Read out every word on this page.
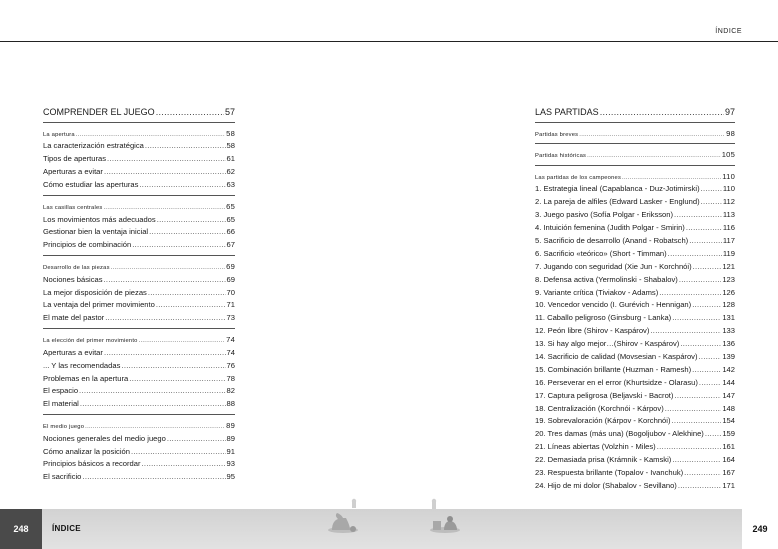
ÍNDICE
COMPRENDER EL JUEGO .....	57
La apertura .....	58
La caracterización estratégica .....	58
Tipos de aperturas .....	61
Aperturas a evitar .....	62
Cómo estudiar las aperturas .....	63
Las casillas centrales .....	65
Los movimientos más adecuados .....	65
Gestionar bien la ventaja inicial .....	66
Principios de combinación .....	67
Desarrollo de las piezas .....	69
Nociones básicas .....	69
La mejor disposición de piezas .....	70
La ventaja del primer movimiento .....	71
El mate del pastor .....	73
La elección del primer movimiento .....	74
Aperturas a evitar .....	74
... Y las recomendadas .....	76
Problemas en la apertura .....	78
El espacio .....	82
El material .....	88
El medio juego .....	89
Nociones generales del medio juego .....	89
Cómo analizar la posición .....	91
Principios básicos a recordar .....	93
El sacrificio .....	95
LAS PARTIDAS .....	97
Partidas breves .....	98
Partidas históricas .....	105
Las partidas de los campeones .....	110
1. Estrategia lineal (Capablanca - Duz-Jotimirski) .....	110
2. La pareja de alfiles (Edward Lasker - Englund) .....	112
3. Juego pasivo (Sofía Polgar - Eriksson) .....	113
4. Intuición femenina (Judith Polgar - Smirin) .....	116
5. Sacrificio de desarrollo (Anand - Robatsch) .....	117
6. Sacrificio «teórico» (Short - Timman) .....	119
7. Jugando con seguridad (Xie Jun - Korchnói) .....	121
8. Defensa activa (Yermolinski - Shabalov) .....	123
9. Variante crítica (Tiviakov - Adams) .....	126
10. Vencedor vencido (I. Gurévich - Hennigan) .....	128
11. Caballo peligroso (Ginsburg - Lanka) .....	131
12. Peón libre (Shirov - Kaspárov) .....	133
13. Si hay algo mejor…(Shirov - Kaspárov) .....	136
14. Sacrificio de calidad (Movsesian - Kaspárov) .....	139
15. Combinación brillante (Huzman - Ramesh) .....	142
16. Perseverar en el error (Khurtsidze - Olarasu) .....	144
17. Captura peligrosa (Beljavski - Bacrot) .....	147
18. Centralización (Korchnói - Kárpov) .....	148
19. Sobrevaloración (Kárpov - Korchnói) .....	154
20. Tres damas (más una) (Bogoljubov - Alekhine) ..... 159
21. Líneas abiertas (Volzhin - Miles) .....	161
22. Demasiada prisa (Krámnik - Kamski) .....	164
23. Respuesta brillante (Topalov - Ivanchuk) .....	167
24. Hijo de mi dolor (Shabalov - Sevillano) .....	171
248	ÍNDICE	249
